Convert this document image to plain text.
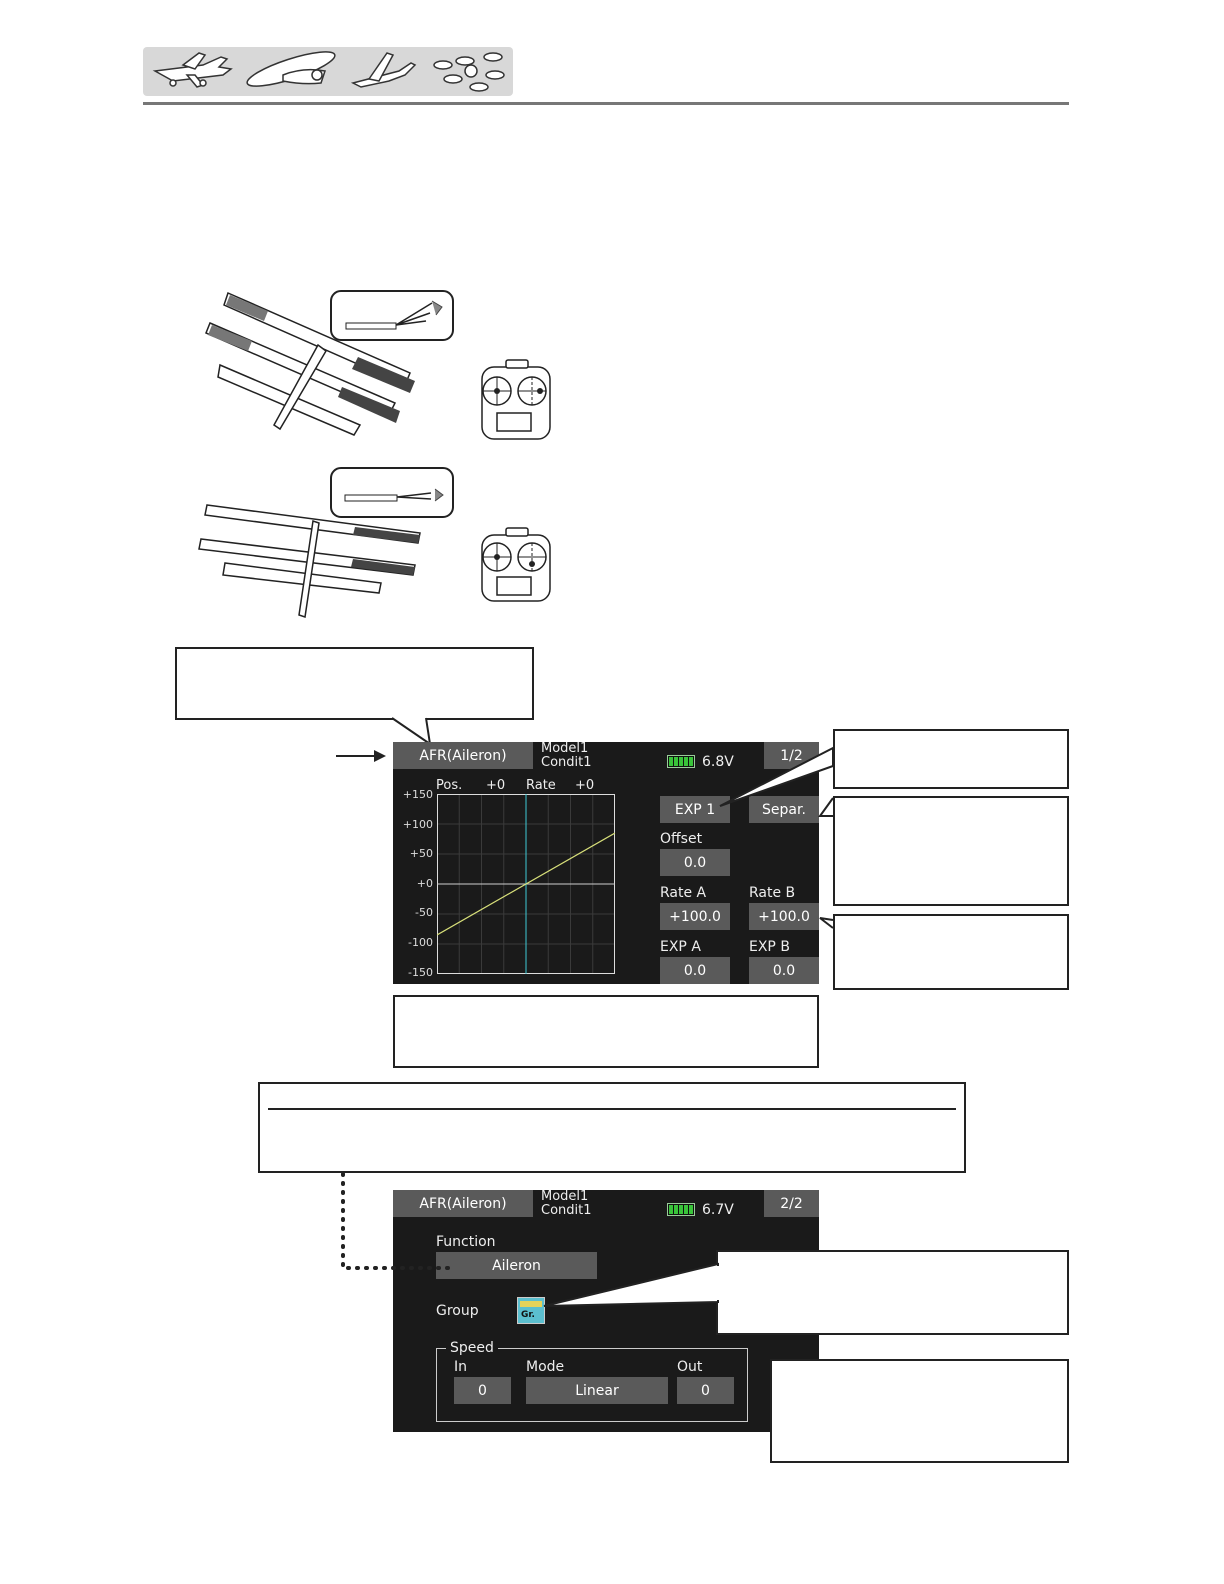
AFR(Aileron)	Model1
Condit1	6.8V	1/2
Pos. +0 Rate +0
+150
+100
+50
+0
-50
-100
-150
EXP 1	Separ.
Offset
0.0
Rate A	Rate B
+100.0	+100.0
EXP A	EXP B
0.0	0.0
AFR(Aileron)	Model1
Condit1	6.7V	2/2
Function
Aileron
Group	Gr.
Speed
In	Mode	Out
0	Linear	0
